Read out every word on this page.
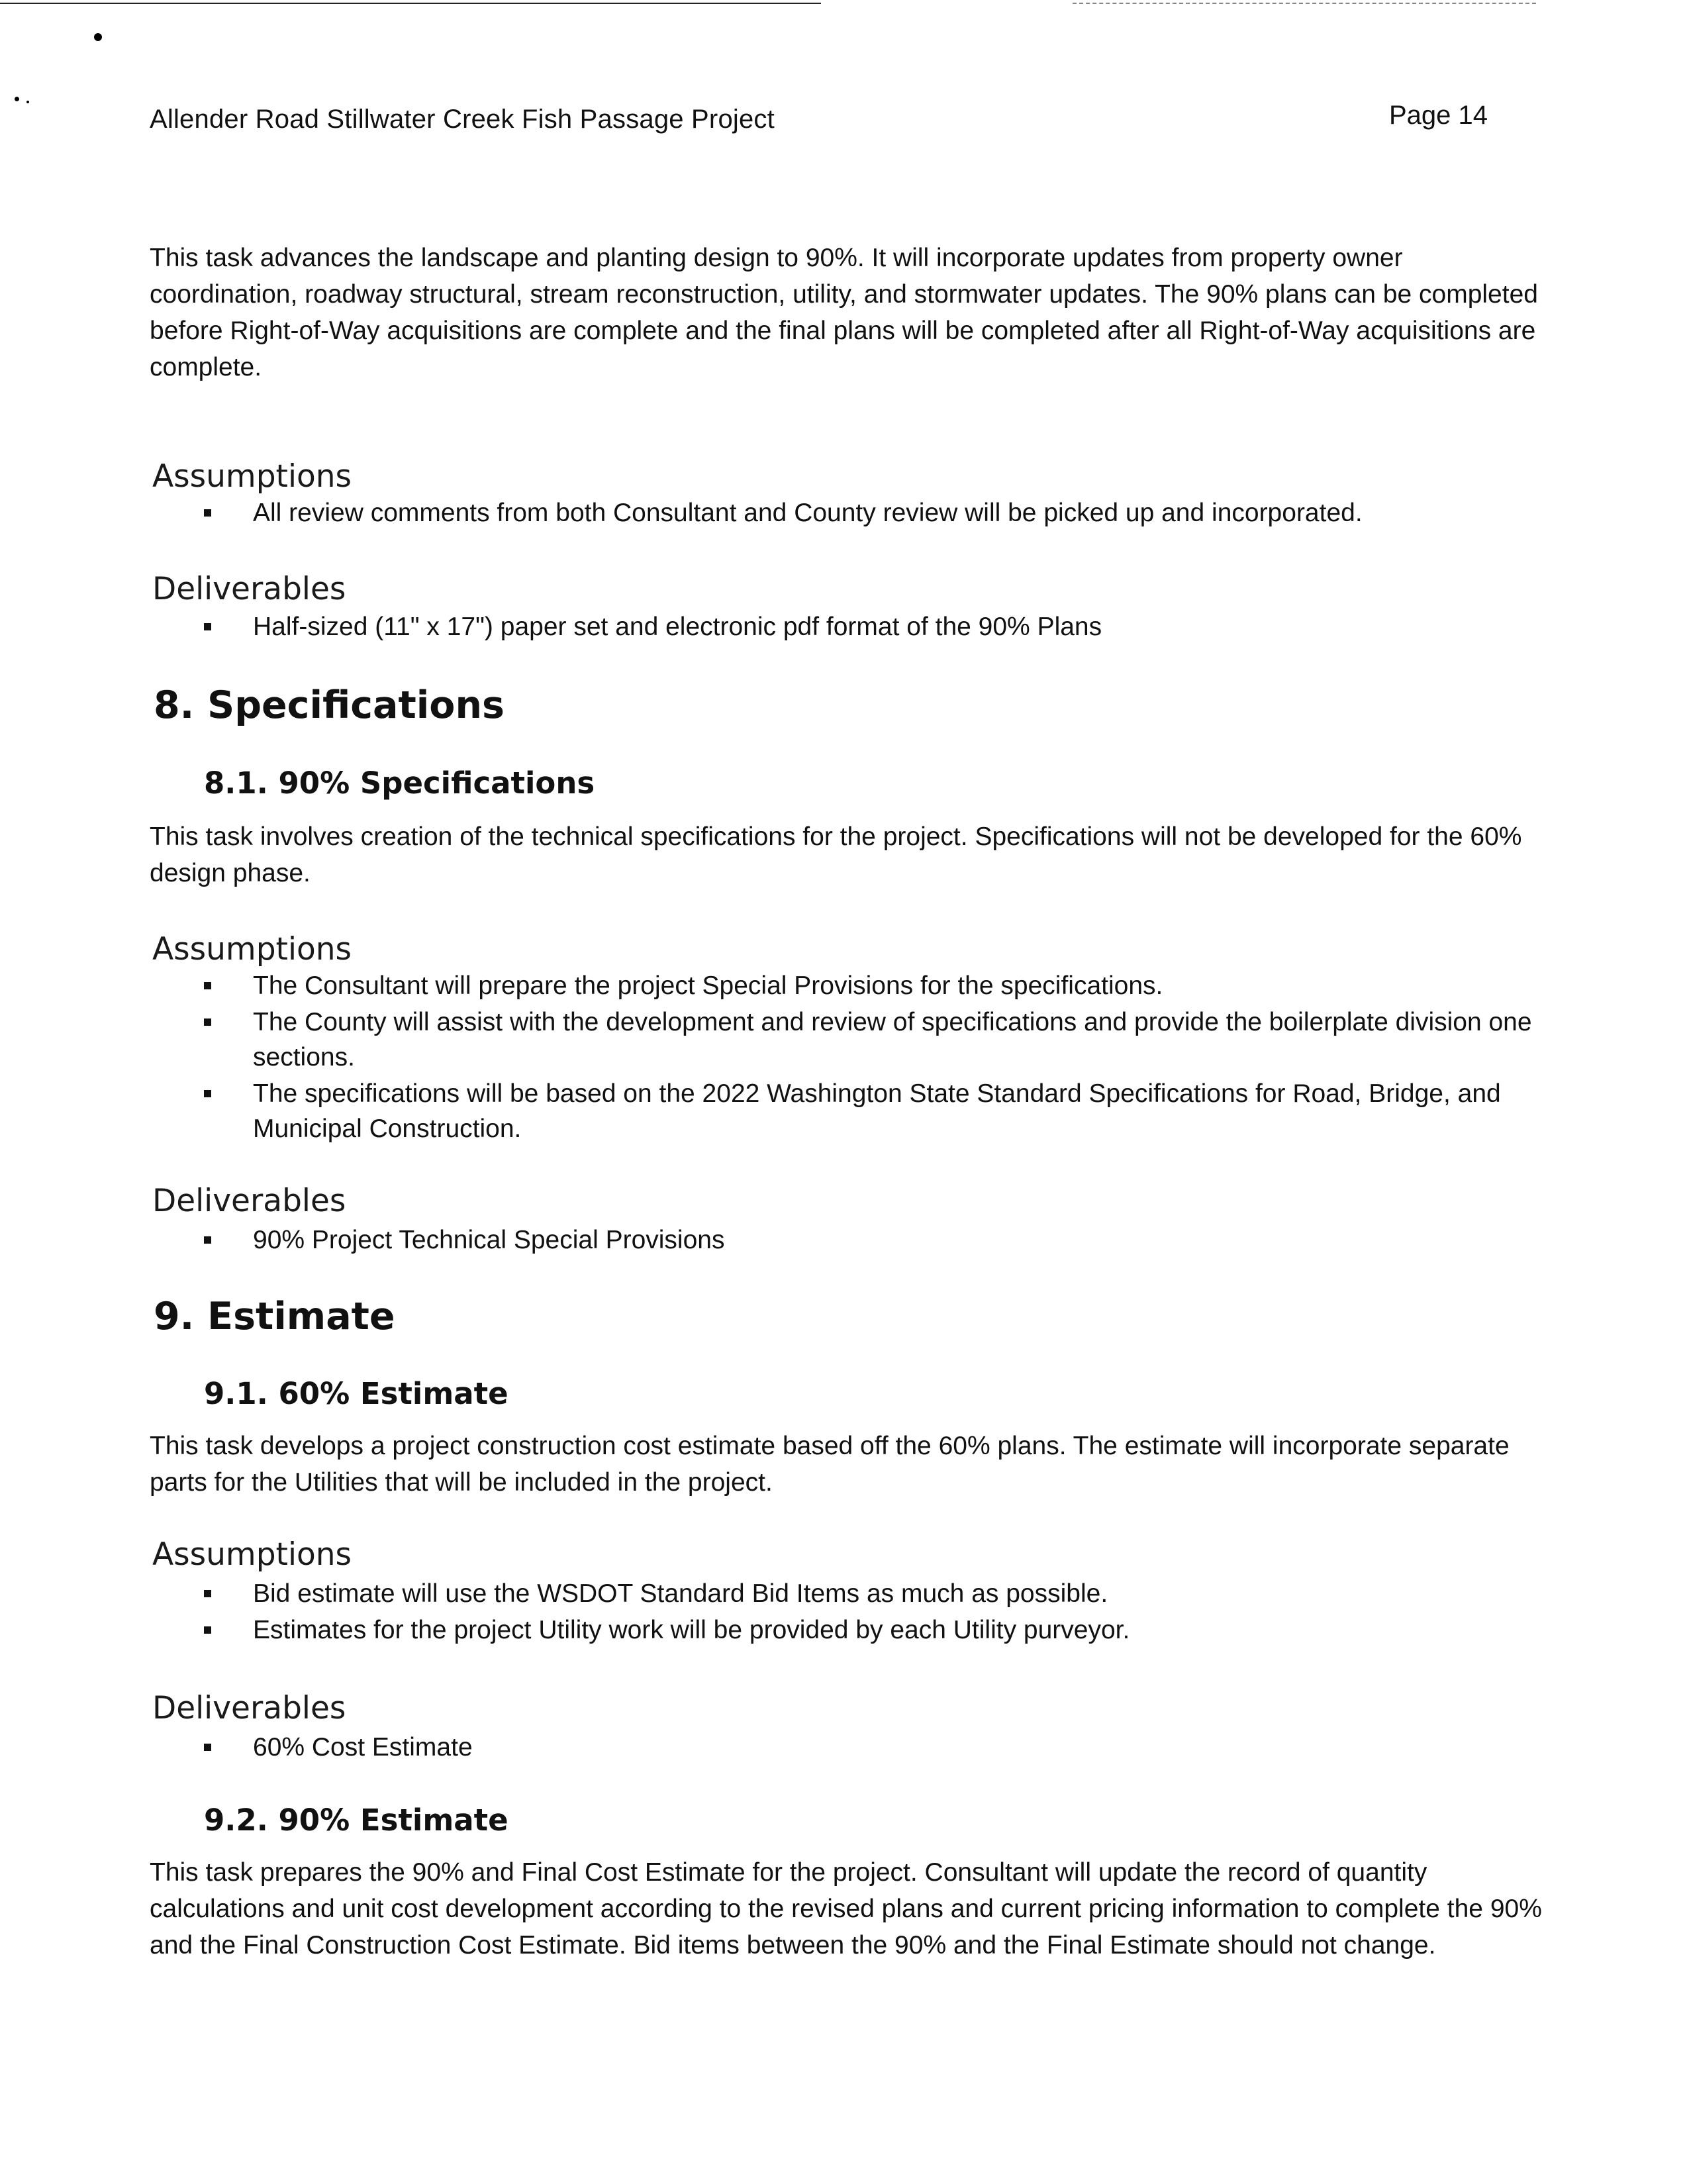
Allender Road Stillwater Creek Fish Passage Project	Page 14
This task advances the landscape and planting design to 90%. It will incorporate updates from property owner coordination, roadway structural, stream reconstruction, utility, and stormwater updates. The 90% plans can be completed before Right-of-Way acquisitions are complete and the final plans will be completed after all Right-of-Way acquisitions are complete.
Assumptions
All review comments from both Consultant and County review will be picked up and incorporated.
Deliverables
Half-sized (11" x 17") paper set and electronic pdf format of the 90% Plans
8. Specifications
8.1. 90% Specifications
This task involves creation of the technical specifications for the project. Specifications will not be developed for the 60% design phase.
Assumptions
The Consultant will prepare the project Special Provisions for the specifications.
The County will assist with the development and review of specifications and provide the boilerplate division one sections.
The specifications will be based on the 2022 Washington State Standard Specifications for Road, Bridge, and Municipal Construction.
Deliverables
90% Project Technical Special Provisions
9. Estimate
9.1. 60% Estimate
This task develops a project construction cost estimate based off the 60% plans. The estimate will incorporate separate parts for the Utilities that will be included in the project.
Assumptions
Bid estimate will use the WSDOT Standard Bid Items as much as possible.
Estimates for the project Utility work will be provided by each Utility purveyor.
Deliverables
60% Cost Estimate
9.2. 90% Estimate
This task prepares the 90% and Final Cost Estimate for the project. Consultant will update the record of quantity calculations and unit cost development according to the revised plans and current pricing information to complete the 90% and the Final Construction Cost Estimate. Bid items between the 90% and the Final Estimate should not change.
